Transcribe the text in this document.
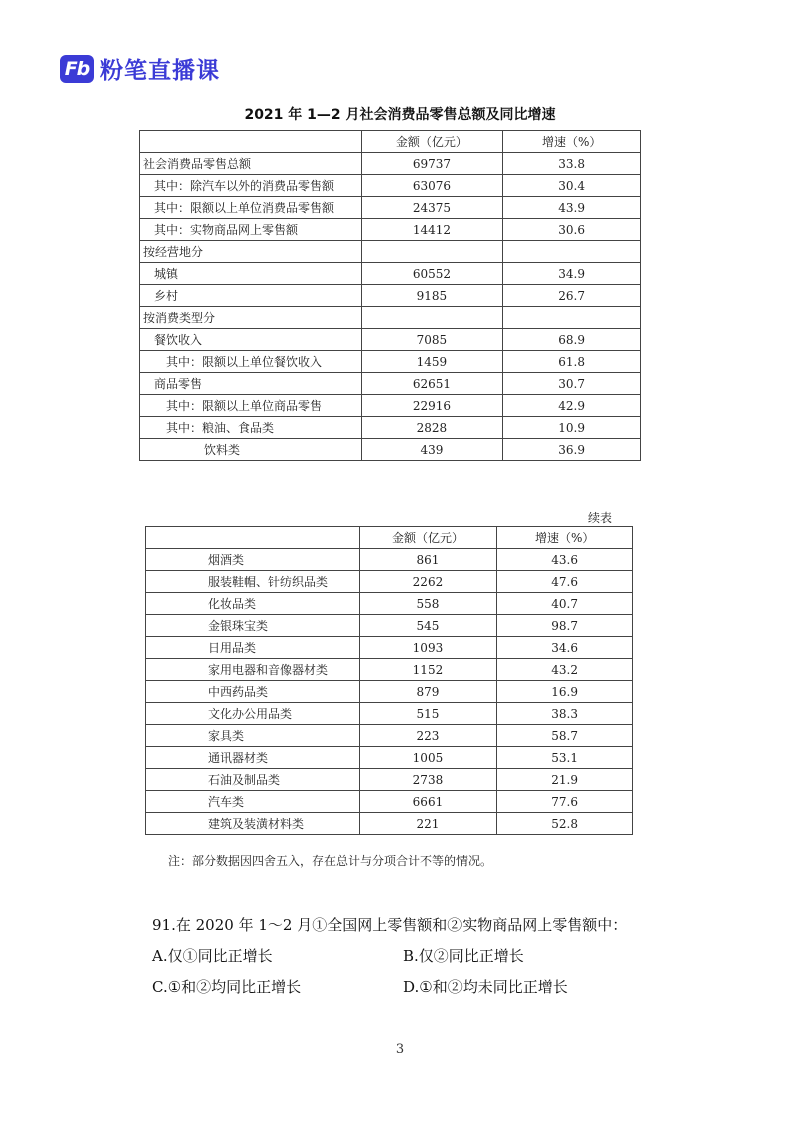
Fb 粉笔直播课
2021 年 1—2 月社会消费品零售总额及同比增速
	金额（亿元）	增速（%）
社会消费品零售总额	69737	33.8
其中：除汽车以外的消费品零售额	63076	30.4
其中：限额以上单位消费品零售额	24375	43.9
其中：实物商品网上零售额	14412	30.6
按经营地分		
城镇	60552	34.9
乡村	9185	26.7
按消费类型分		
餐饮收入	7085	68.9
其中：限额以上单位餐饮收入	1459	61.8
商品零售	62651	30.7
其中：限额以上单位商品零售	22916	42.9
其中：粮油、食品类	2828	10.9
饮料类	439	36.9
续表
	金额（亿元）	增速（%）
烟酒类	861	43.6
服装鞋帽、针纺织品类	2262	47.6
化妆品类	558	40.7
金银珠宝类	545	98.7
日用品类	1093	34.6
家用电器和音像器材类	1152	43.2
中西药品类	879	16.9
文化办公用品类	515	38.3
家具类	223	58.7
通讯器材类	1005	53.1
石油及制品类	2738	21.9
汽车类	6661	77.6
建筑及装潢材料类	221	52.8
注：部分数据因四舍五入，存在总计与分项合计不等的情况。
91.在 2020 年 1～2 月①全国网上零售额和②实物商品网上零售额中：
A.仅①同比正增长	B.仅②同比正增长
C.①和②均同比正增长	D.①和②均未同比正增长
3
